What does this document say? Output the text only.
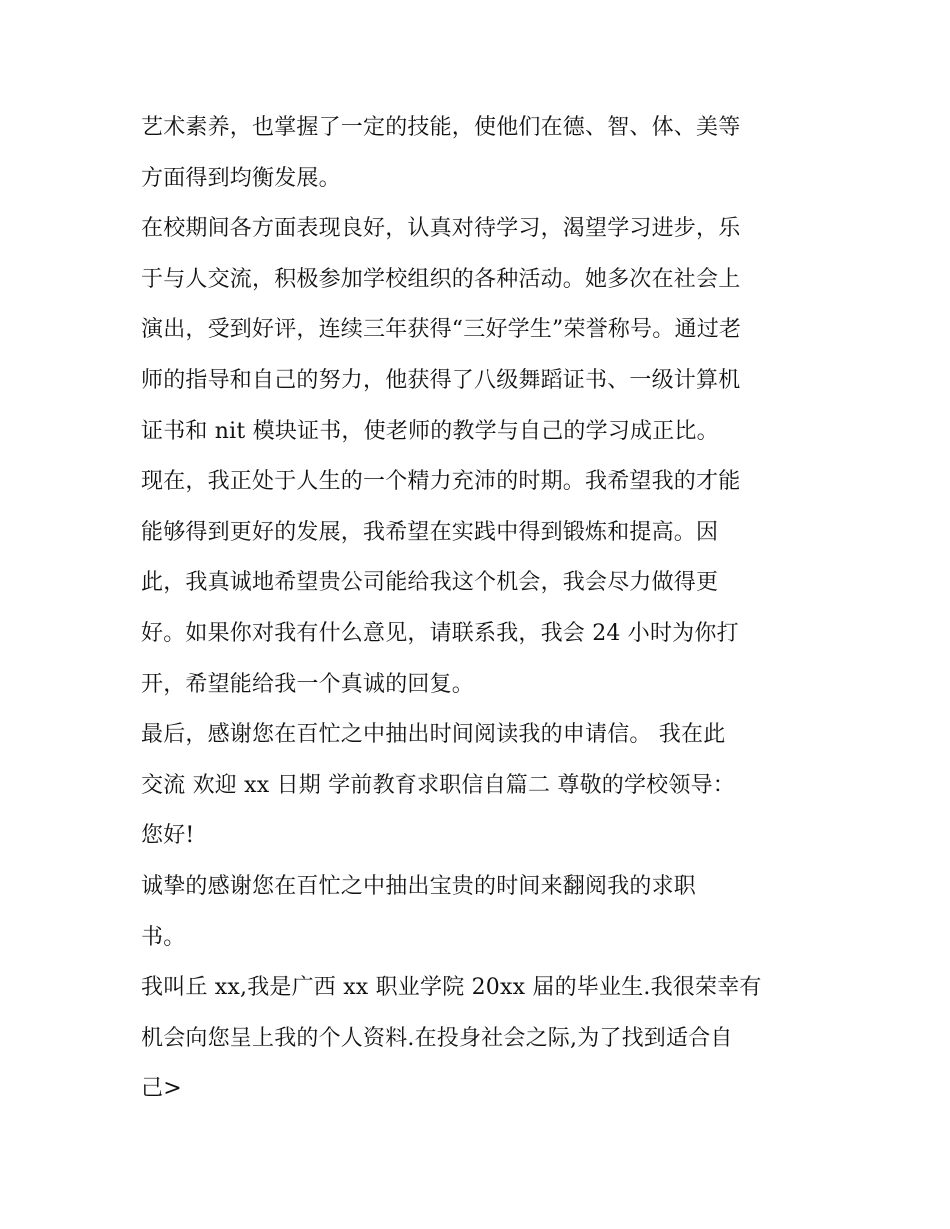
艺术素养，也掌握了一定的技能，使他们在德、智、体、美等
方面得到均衡发展。
在校期间各方面表现良好，认真对待学习，渴望学习进步，乐
于与人交流，积极参加学校组织的各种活动。她多次在社会上
演出，受到好评，连续三年获得“三好学生”荣誉称号。通过老
师的指导和自己的努力，他获得了八级舞蹈证书、一级计算机
证书和 nit 模块证书，使老师的教学与自己的学习成正比。
现在，我正处于人生的一个精力充沛的时期。我希望我的才能
能够得到更好的发展，我希望在实践中得到锻炼和提高。因
此，我真诚地希望贵公司能给我这个机会，我会尽力做得更
好。如果你对我有什么意见，请联系我，我会 24 小时为你打
开，希望能给我一个真诚的回复。
最后，感谢您在百忙之中抽出时间阅读我的申请信。 我在此
交流 欢迎 xx 日期 学前教育求职信自篇二 尊敬的学校领导：
您好!
诚挚的感谢您在百忙之中抽出宝贵的时间来翻阅我的求职
书。
我叫丘 xx,我是广西 xx 职业学院 20xx 届的毕业生.我很荣幸有
机会向您呈上我的个人资料.在投身社会之际,为了找到适合自
己>
